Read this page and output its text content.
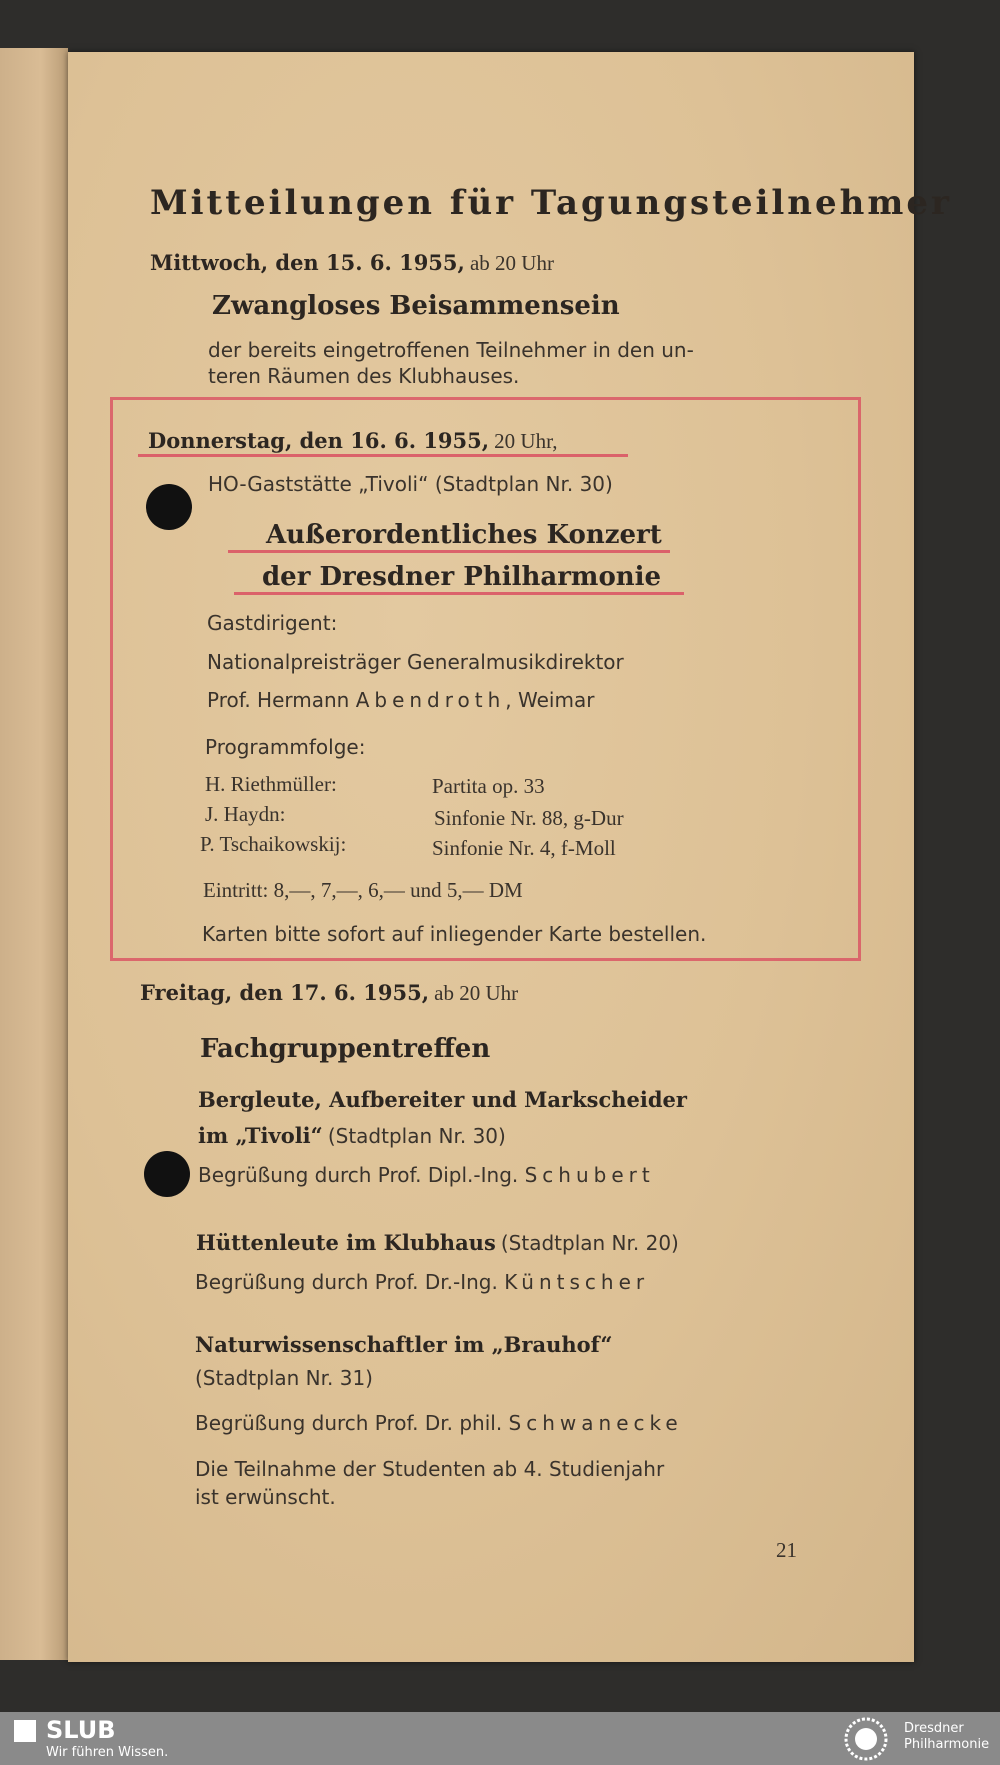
Mitteilungen für Tagungsteilnehmer
Mittwoch, den 15. 6. 1955, ab 20 Uhr
Zwangloses Beisammensein
der bereits eingetroffenen Teilnehmer in den un-
teren Räumen des Klubhauses.
Donnerstag, den 16. 6. 1955, 20 Uhr,
HO-Gaststätte „Tivoli“ (Stadtplan Nr. 30)
Außerordentliches Konzert
der Dresdner Philharmonie
Gastdirigent:
Nationalpreisträger Generalmusikdirektor
Prof. Hermann Abendroth, Weimar
Programmfolge:
H. Riethmüller:	Partita op. 33
J. Haydn:	Sinfonie Nr. 88, g-Dur
P. Tschaikowskij:	Sinfonie Nr. 4, f-Moll
Eintritt: 8,—, 7,—, 6,— und 5,— DM
Karten bitte sofort auf inliegender Karte bestellen.
Freitag, den 17. 6. 1955, ab 20 Uhr
Fachgruppentreffen
Bergleute, Aufbereiter und Markscheider
im „Tivoli“ (Stadtplan Nr. 30)
Begrüßung durch Prof. Dipl.-Ing. Schubert
Hüttenleute im Klubhaus (Stadtplan Nr. 20)
Begrüßung durch Prof. Dr.-Ing. Küntscher
Naturwissenschaftler im „Brauhof“
(Stadtplan Nr. 31)
Begrüßung durch Prof. Dr. phil. Schwanecke
Die Teilnahme der Studenten ab 4. Studienjahr
ist erwünscht.
21
SLUB
Wir führen Wissen.
Dresdner
Philharmonie
